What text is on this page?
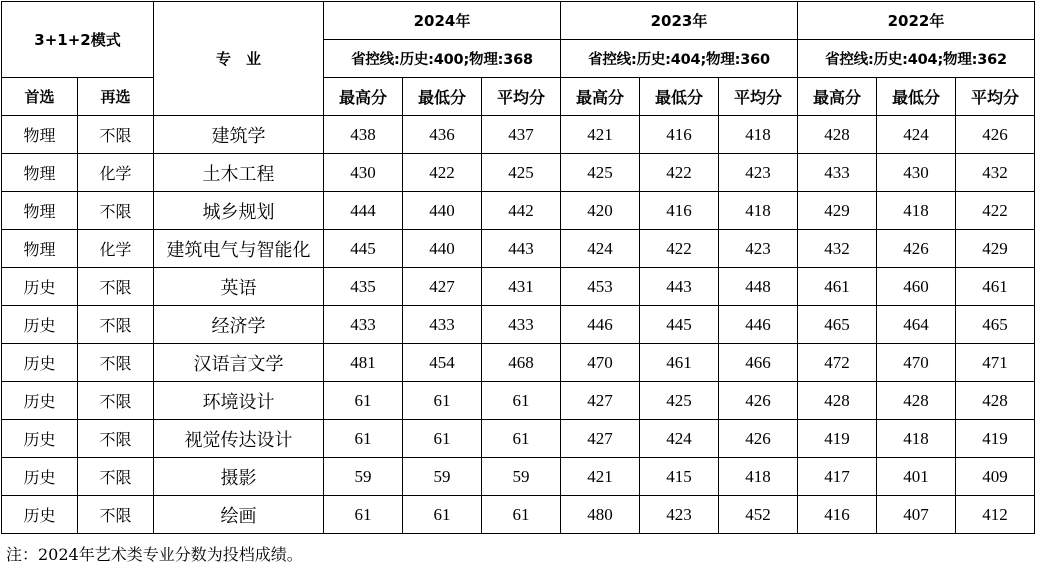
3+1+2模式		专　业	2024年			2023年			2022年		
			省控线:历史:400;物理:368			省控线:历史:404;物理:360			省控线:历史:404;物理:362		
首选	再选		最高分	最低分	平均分	最高分	最低分	平均分	最高分	最低分	平均分
物理	不限	建筑学	438	436	437	421	416	418	428	424	426
物理	化学	土木工程	430	422	425	425	422	423	433	430	432
物理	不限	城乡规划	444	440	442	420	416	418	429	418	422
物理	化学	建筑电气与智能化	445	440	443	424	422	423	432	426	429
历史	不限	英语	435	427	431	453	443	448	461	460	461
历史	不限	经济学	433	433	433	446	445	446	465	464	465
历史	不限	汉语言文学	481	454	468	470	461	466	472	470	471
历史	不限	环境设计	61	61	61	427	425	426	428	428	428
历史	不限	视觉传达设计	61	61	61	427	424	426	419	418	419
历史	不限	摄影	59	59	59	421	415	418	417	401	409
历史	不限	绘画	61	61	61	480	423	452	416	407	412
注：2024年艺术类专业分数为投档成绩。
